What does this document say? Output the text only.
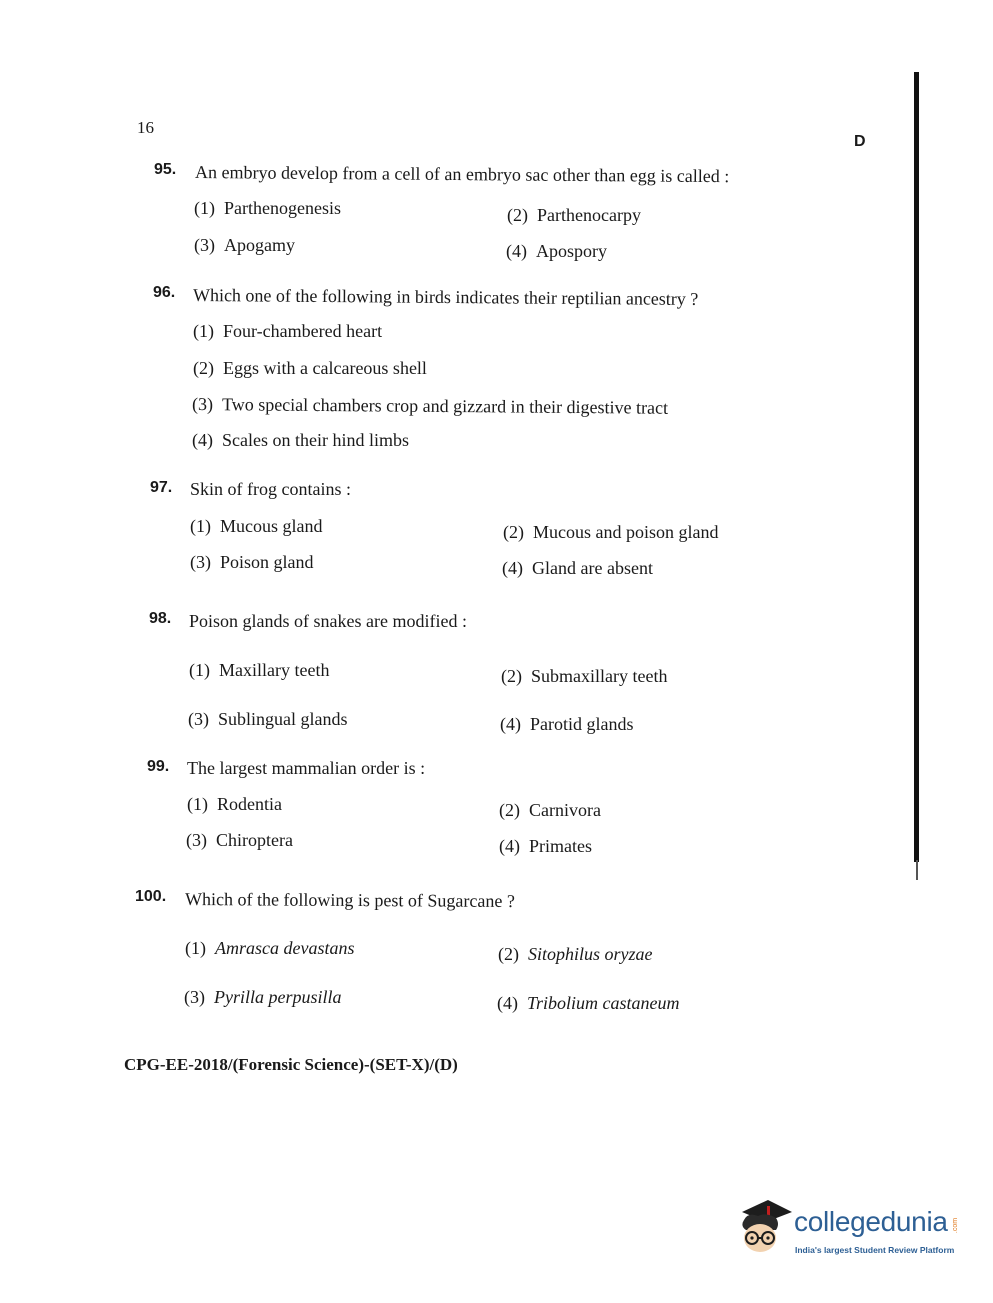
16
D
95. An embryo develop from a cell of an embryo sac other than egg is called :
(1) Parthenogenesis	(2) Parthenocarpy
(3) Apogamy	(4) Apospory
96. Which one of the following in birds indicates their reptilian ancestry ?
(1) Four-chambered heart
(2) Eggs with a calcareous shell
(3) Two special chambers crop and gizzard in their digestive tract
(4) Scales on their hind limbs
97. Skin of frog contains :
(1) Mucous gland	(2) Mucous and poison gland
(3) Poison gland	(4) Gland are absent
98. Poison glands of snakes are modified :
(1) Maxillary teeth	(2) Submaxillary teeth
(3) Sublingual glands	(4) Parotid glands
99. The largest mammalian order is :
(1) Rodentia	(2) Carnivora
(3) Chiroptera	(4) Primates
100. Which of the following is pest of Sugarcane ?
(1) Amrasca devastans	(2) Sitophilus oryzae
(3) Pyrilla perpusilla	(4) Tribolium castaneum
CPG-EE-2018/(Forensic Science)-(SET-X)/(D)
collegedunia .com
India's largest Student Review Platform
